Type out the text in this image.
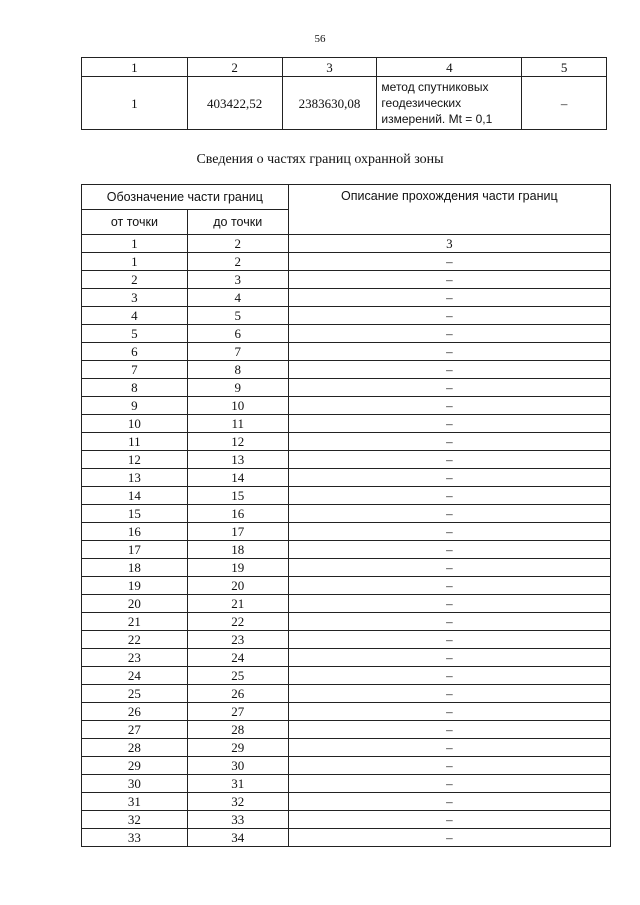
56
1	2	3	4	5
1	403422,52	2383630,08	метод спутниковых
геодезических
измерений. Mt = 0,1	–
Сведения о частях границ охранной зоны
Обозначение части границ		Описание прохождения части границ
от точки	до точки	
1	2	3
1	2	–
2	3	–
3	4	–
4	5	–
5	6	–
6	7	–
7	8	–
8	9	–
9	10	–
10	11	–
11	12	–
12	13	–
13	14	–
14	15	–
15	16	–
16	17	–
17	18	–
18	19	–
19	20	–
20	21	–
21	22	–
22	23	–
23	24	–
24	25	–
25	26	–
26	27	–
27	28	–
28	29	–
29	30	–
30	31	–
31	32	–
32	33	–
33	34	–
